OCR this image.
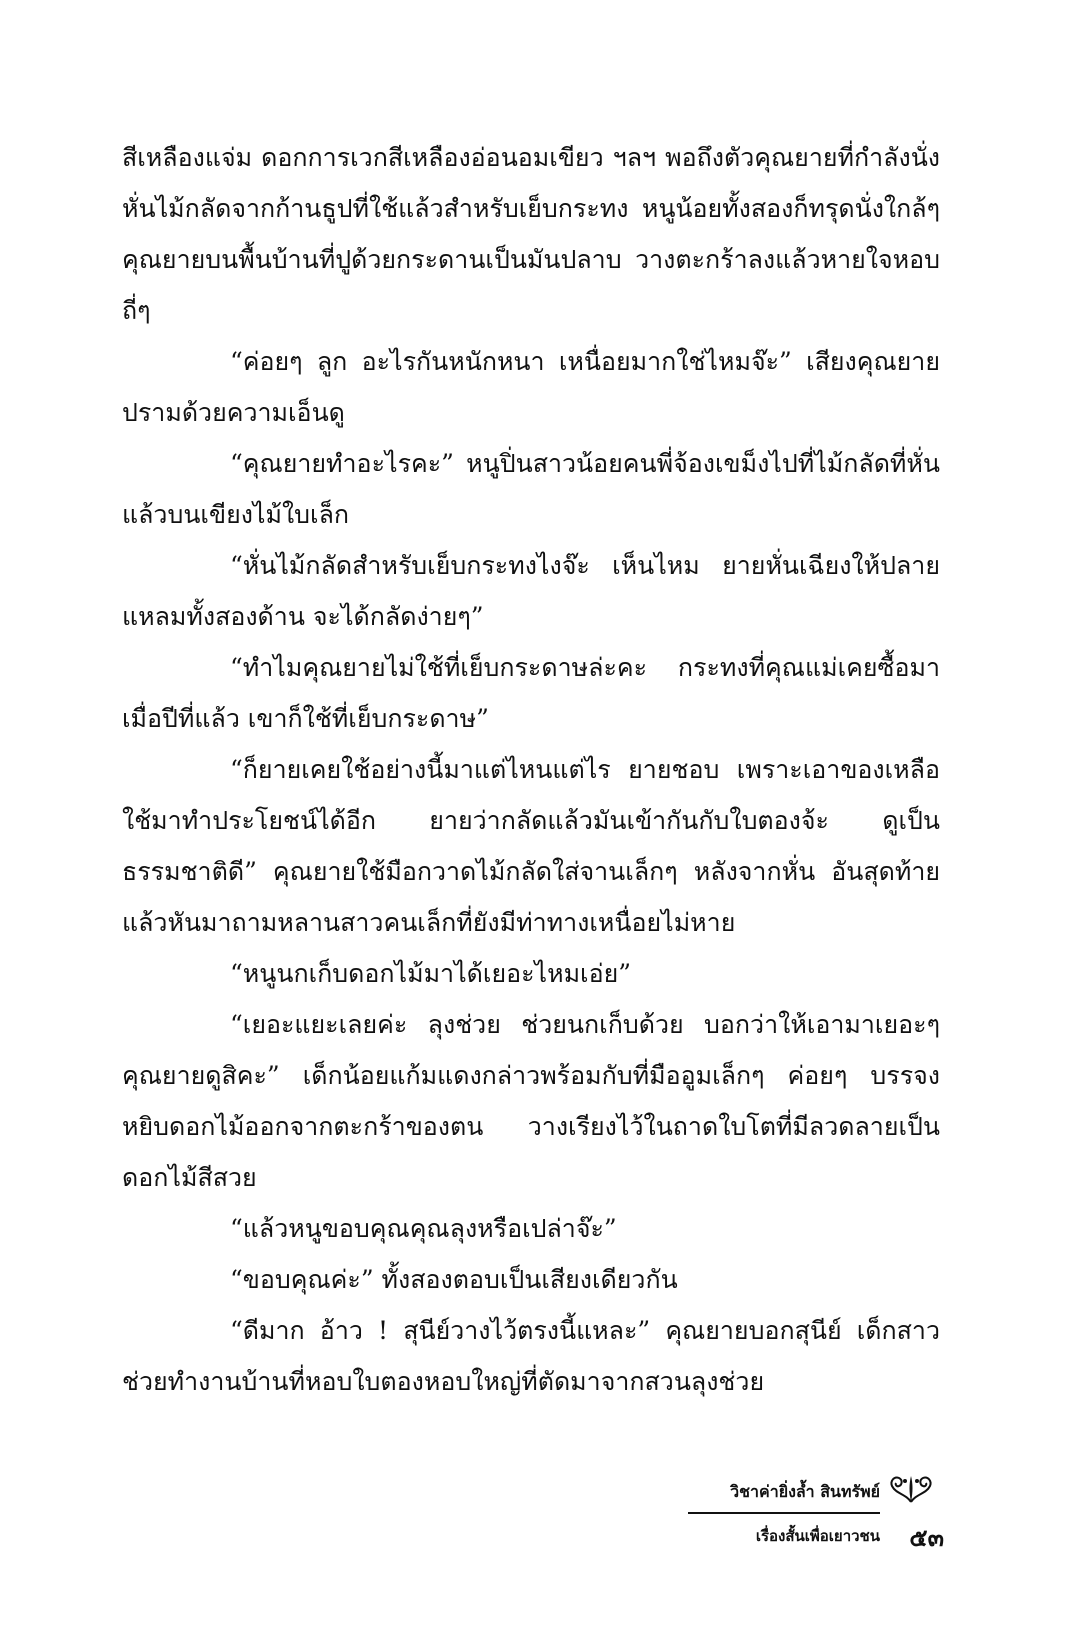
สีเหลืองแจ่ม ดอกการเวกสีเหลืองอ่อนอมเขียว ฯลฯ พอถึงตัวคุณยายที่กำลังนั่งหั่นไม้กลัดจากก้านธูปที่ใช้แล้วสำหรับเย็บกระทง หนูน้อยทั้งสองก็ทรุดนั่งใกล้ๆ คุณยายบนพื้นบ้านที่ปูด้วยกระดานเป็นมันปลาบ วางตะกร้าลงแล้วหายใจหอบถี่ๆ

“ค่อยๆ ลูก อะไรกันหนักหนา เหนื่อยมากใช่ไหมจ๊ะ” เสียงคุณยายปรามด้วยความเอ็นดู

“คุณยายทำอะไรคะ” หนูปิ่นสาวน้อยคนพี่จ้องเขม็งไปที่ไม้กลัดที่หั่นแล้วบนเขียงไม้ใบเล็ก

“หั่นไม้กลัดสำหรับเย็บกระทงไงจ๊ะ เห็นไหม ยายหั่นเฉียงให้ปลายแหลมทั้งสองด้าน จะได้กลัดง่ายๆ”

“ทำไมคุณยายไม่ใช้ที่เย็บกระดาษล่ะคะ กระทงที่คุณแม่เคยซื้อมาเมื่อปีที่แล้ว เขาก็ใช้ที่เย็บกระดาษ”

“ก็ยายเคยใช้อย่างนี้มาแต่ไหนแต่ไร ยายชอบ เพราะเอาของเหลือใช้มาทำประโยชน์ได้อีก ยายว่ากลัดแล้วมันเข้ากันกับใบตองจ้ะ ดูเป็นธรรมชาติดี” คุณยายใช้มือกวาดไม้กลัดใส่จานเล็กๆ หลังจากหั่น อันสุดท้ายแล้วหันมาถามหลานสาวคนเล็กที่ยังมีท่าทางเหนื่อยไม่หาย

“หนูนกเก็บดอกไม้มาได้เยอะไหมเอ่ย”

“เยอะแยะเลยค่ะ ลุงช่วย ช่วยนกเก็บด้วย บอกว่าให้เอามาเยอะๆ คุณยายดูสิคะ” เด็กน้อยแก้มแดงกล่าวพร้อมกับที่มืออูมเล็กๆ ค่อยๆ บรรจงหยิบดอกไม้ออกจากตะกร้าของตน วางเรียงไว้ในถาดใบโตที่มีลวดลายเป็นดอกไม้สีสวย

“แล้วหนูขอบคุณคุณลุงหรือเปล่าจ๊ะ”

“ขอบคุณค่ะ” ทั้งสองตอบเป็นเสียงเดียวกัน

“ดีมาก อ้าว ! สุนีย์วางไว้ตรงนี้แหละ” คุณยายบอกสุนีย์ เด็กสาวช่วยทำงานบ้านที่หอบใบตองหอบใหญ่ที่ตัดมาจากสวนลุงช่วย

วิชาค่ายิ่งล้ำ สินทรัพย์
เรื่องสั้นเพื่อเยาวชน ๕๓
